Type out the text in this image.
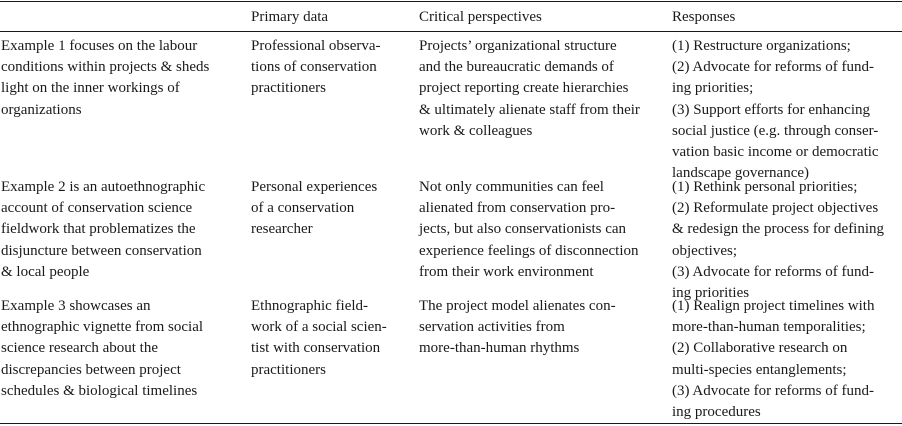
Primary data	Critical perspectives	Responses
Example 1 focuses on the labour
conditions within projects & sheds
light on the inner workings of
organizations
Professional observa-
tions of conservation
practitioners
Projects’ organizational structure
and the bureaucratic demands of
project reporting create hierarchies
& ultimately alienate staff from their
work & colleagues
(1) Restructure organizations;
(2) Advocate for reforms of fund-
ing priorities;
(3) Support efforts for enhancing
social justice (e.g. through conser-
vation basic income or democratic
landscape governance)
Example 2 is an autoethnographic
account of conservation science
fieldwork that problematizes the
disjuncture between conservation
& local people
Personal experiences
of a conservation
researcher
Not only communities can feel
alienated from conservation pro-
jects, but also conservationists can
experience feelings of disconnection
from their work environment
(1) Rethink personal priorities;
(2) Reformulate project objectives
& redesign the process for defining
objectives;
(3) Advocate for reforms of fund-
ing priorities
Example 3 showcases an
ethnographic vignette from social
science research about the
discrepancies between project
schedules & biological timelines
Ethnographic field-
work of a social scien-
tist with conservation
practitioners
The project model alienates con-
servation activities from
more-than-human rhythms
(1) Realign project timelines with
more-than-human temporalities;
(2) Collaborative research on
multi-species entanglements;
(3) Advocate for reforms of fund-
ing procedures
